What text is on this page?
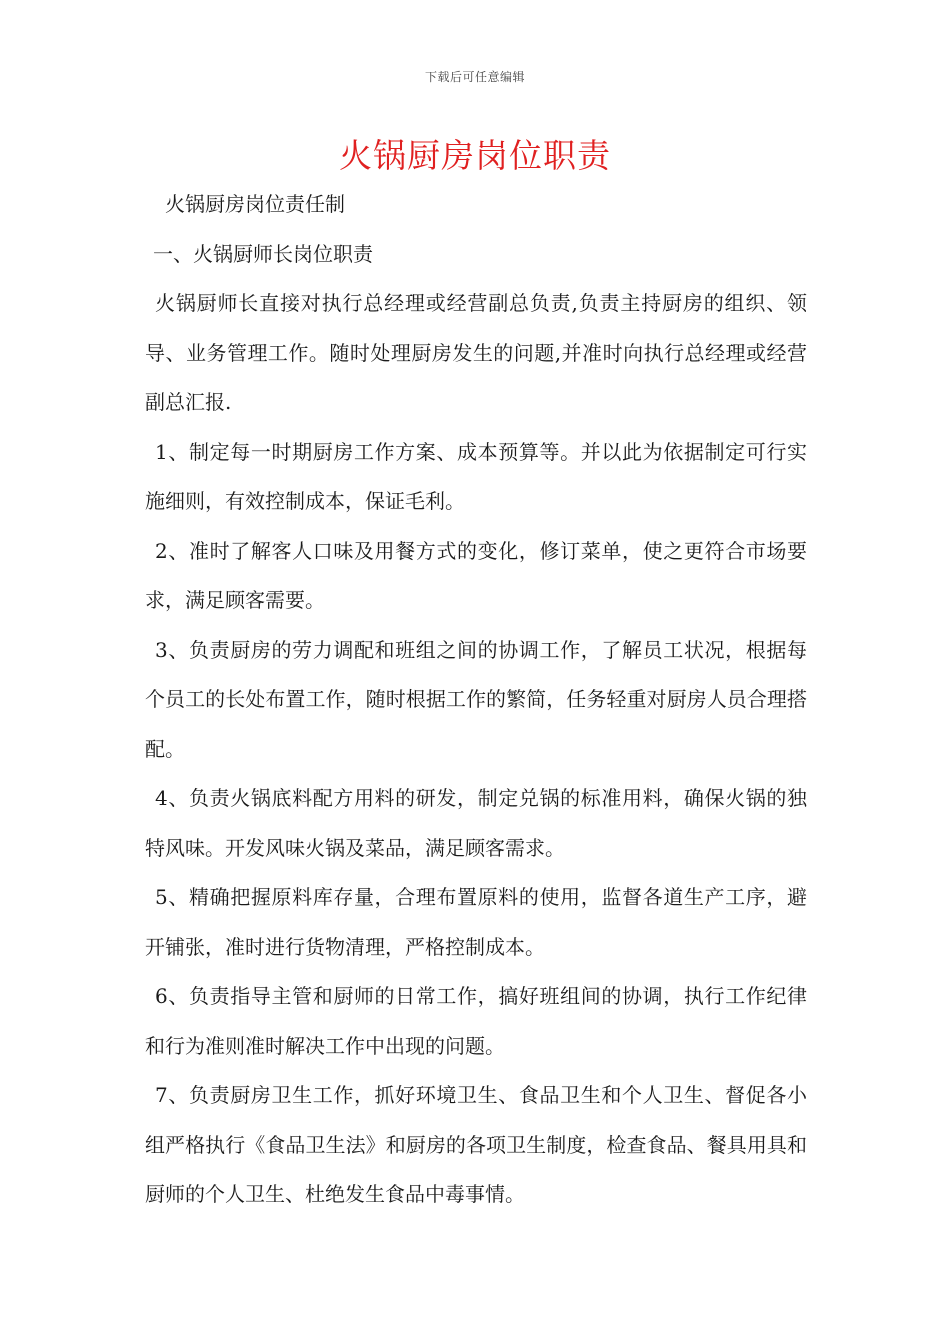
下载后可任意编辑
火锅厨房岗位职责

火锅厨房岗位责任制

一、火锅厨师长岗位职责

火锅厨师长直接对执行总经理或经营副总负责,负责主持厨房的组织、领导、业务管理工作。随时处理厨房发生的问题,并准时向执行总经理或经营副总汇报.

1、制定每一时期厨房工作方案、成本预算等。并以此为依据制定可行实施细则，有效控制成本，保证毛利。

2、准时了解客人口味及用餐方式的变化，修订菜单，使之更符合市场要求，满足顾客需要。

3、负责厨房的劳力调配和班组之间的协调工作，了解员工状况，根据每个员工的长处布置工作，随时根据工作的繁简，任务轻重对厨房人员合理搭配。

4、负责火锅底料配方用料的研发，制定兑锅的标准用料，确保火锅的独特风味。开发风味火锅及菜品，满足顾客需求。

5、精确把握原料库存量，合理布置原料的使用，监督各道生产工序，避开铺张，准时进行货物清理，严格控制成本。

6、负责指导主管和厨师的日常工作，搞好班组间的协调，执行工作纪律和行为准则准时解决工作中出现的问题。

7、负责厨房卫生工作，抓好环境卫生、食品卫生和个人卫生、督促各小组严格执行《食品卫生法》和厨房的各项卫生制度，检查食品、餐具用具和厨师的个人卫生、杜绝发生食品中毒事情。
